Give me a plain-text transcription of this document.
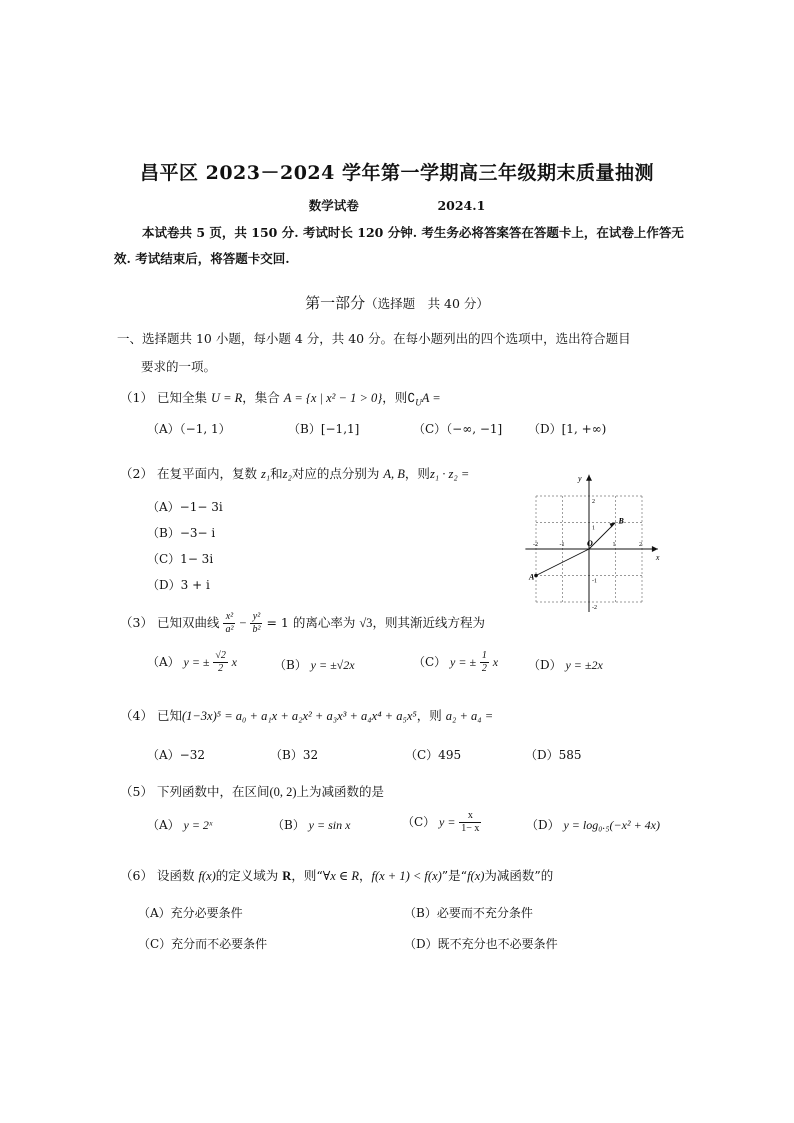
昌平区 2023－2024 学年第一学期高三年级期末质量抽测
数学试卷	2024.1
本试卷共 5 页，共 150 分. 考试时长 120 分钟. 考生务必将答案答在答题卡上，在试卷上作答无效. 考试结束后，将答题卡交回.
第一部分（选择题　共 40 分）
一、选择题共 10 小题，每小题 4 分，共 40 分。在每小题列出的四个选项中，选出符合题目
要求的一项。
（1） 已知全集 U = R，集合 A = {x | x² − 1 > 0}，则$∁_UA$ =
（A）（−1, 1）	（B）[−1,1]	（C）（−∞, −1] （D）[1, +∞)
（2） 在复平面内，复数 z₁和z₂对应的点分别为 A, B，则z₁ · z₂ =
（A）−1− 3i
（B）−3− i
（C）1− 3i
（D）3 + i
x
y
O
-2	-1	1	2
2
1
-1
-2
A
B
（3） 已知双曲线 $\frac{\text{x²}}{\text{a²}} - \frac{\text{y²}}{\text{b²}} = 1$ 的离心率为 √3，则其渐近线方程为
（A） y = ± $\frac{√2}{2}$ x	（B） y = ±√2x	（C） y = ± $\frac{1}{2}$ x （D） y = ±2x
（4） 已知(1−3x)⁵ = a₀ + a₁x + a₂x² + a₃x³ + a₄x⁴ + a₅x⁵，则 a₂ + a₄ =
（A）−32	（B）32	（C）495	（D）585
（5） 下列函数中，在区间(0, 2)上为减函数的是
（A） y = 2ˣ	（B） y = sin x	（C） $y = \frac{x}{1- x}$	（D） y = log₀.₅(−x² + 4x)
（6） 设函数 f(x)的定义域为 R，则“∀x ∈ R，f(x + 1) < f(x)”是“f(x)为减函数”的
（A）充分必要条件	（B）必要而不充分条件
（C）充分而不必要条件	（D）既不充分也不必要条件
